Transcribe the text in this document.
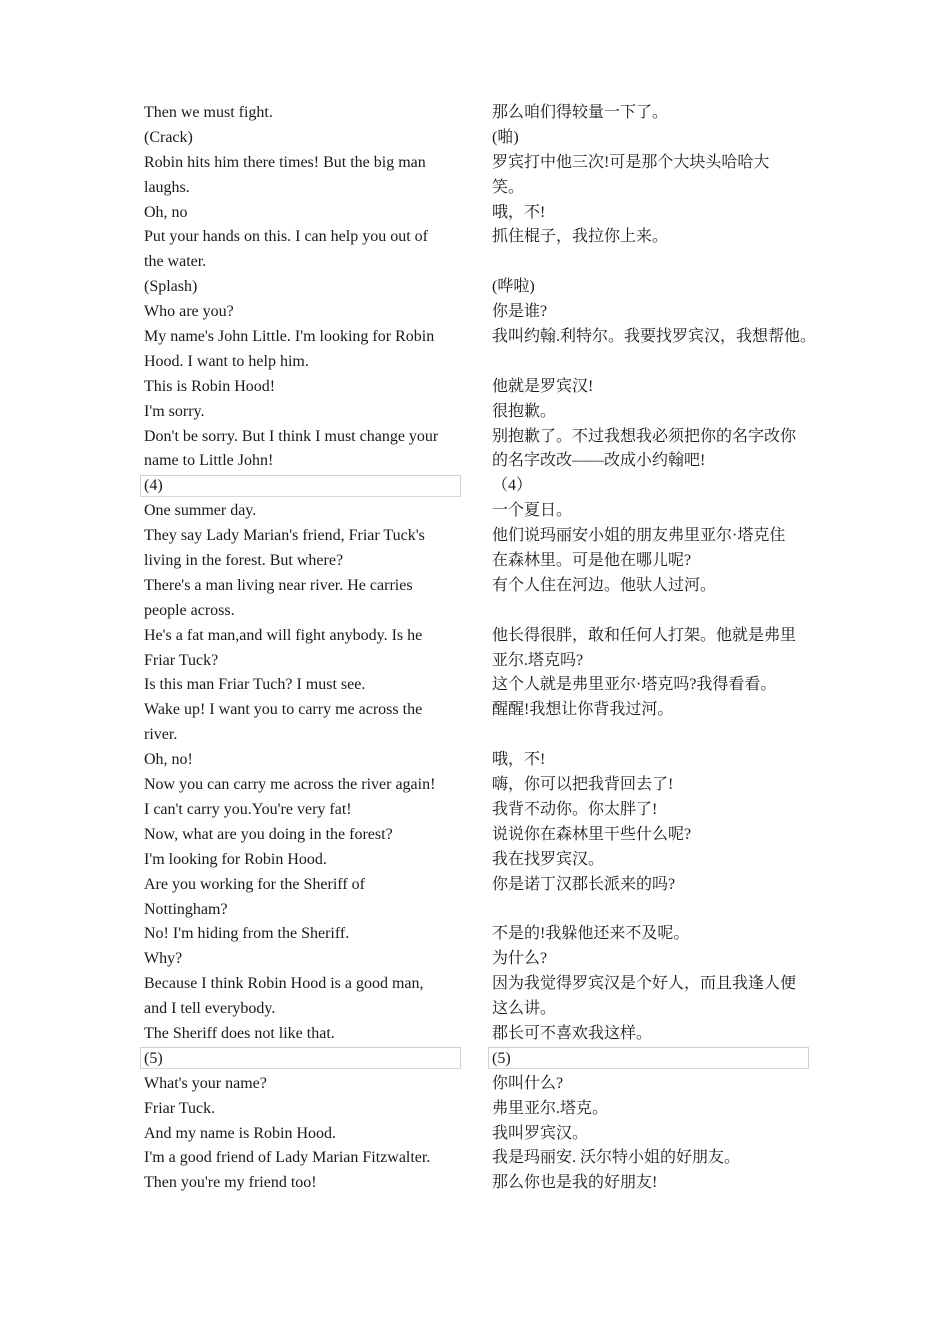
Then we must fight.
(Crack)
Robin hits him there times! But the big man
laughs.
Oh, no
Put your hands on this. I can help you out of
the water.
(Splash)
Who are you?
My name's John Little. I'm looking for Robin
Hood. I want to help him.
This is Robin Hood!
I'm sorry.
Don't be sorry. But I think I must change your
name to Little John!
(4)
One summer day.
They say Lady Marian's friend, Friar Tuck's
living in the forest. But where?
There's a man living near river. He carries
people across.
He's a fat man,and will fight anybody. Is he
Friar Tuck?
Is this man Friar Tuch? I must see.
Wake up! I want you to carry me across the
river.
Oh, no!
Now you can carry me across the river again!
I can't carry you.You're very fat!
Now, what are you doing in the forest?
I'm looking for Robin Hood.
Are you working for the Sheriff of
Nottingham?
No! I'm hiding from the Sheriff.
Why?
Because I think Robin Hood is a good man,
and I tell everybody.
The Sheriff does not like that.
(5)
What's your name?
Friar Tuck.
And my name is Robin Hood.
I'm a good friend of Lady Marian Fitzwalter.
Then you're my friend too!
那么咱们得较量一下了。
(啪)
罗宾打中他三次!可是那个大块头哈哈大
笑。
哦，不!
抓住棍子，我拉你上来。
(哗啦)
你是谁?
我叫约翰.利特尔。我要找罗宾汉，我想帮他。
他就是罗宾汉!
很抱歉。
别抱歉了。不过我想我必须把你的名字改你
的名字改改——改成小约翰吧!
（4）
一个夏日。
他们说玛丽安小姐的朋友弗里亚尔·塔克住
在森林里。可是他在哪儿呢?
有个人住在河边。他驮人过河。
他长得很胖，敢和任何人打架。他就是弗里
亚尔.塔克吗?
这个人就是弗里亚尔·塔克吗?我得看看。
醒醒!我想让你背我过河。
哦，不!
嗨，你可以把我背回去了!
我背不动你。你太胖了!
说说你在森林里干些什么呢?
我在找罗宾汉。
你是诺丁汉郡长派来的吗?
不是的!我躲他还来不及呢。
为什么?
因为我觉得罗宾汉是个好人，而且我逢人便
这么讲。
郡长可不喜欢我这样。
(5)
你叫什么?
弗里亚尔.塔克。
我叫罗宾汉。
我是玛丽安. 沃尔特小姐的好朋友。
那么你也是我的好朋友!
